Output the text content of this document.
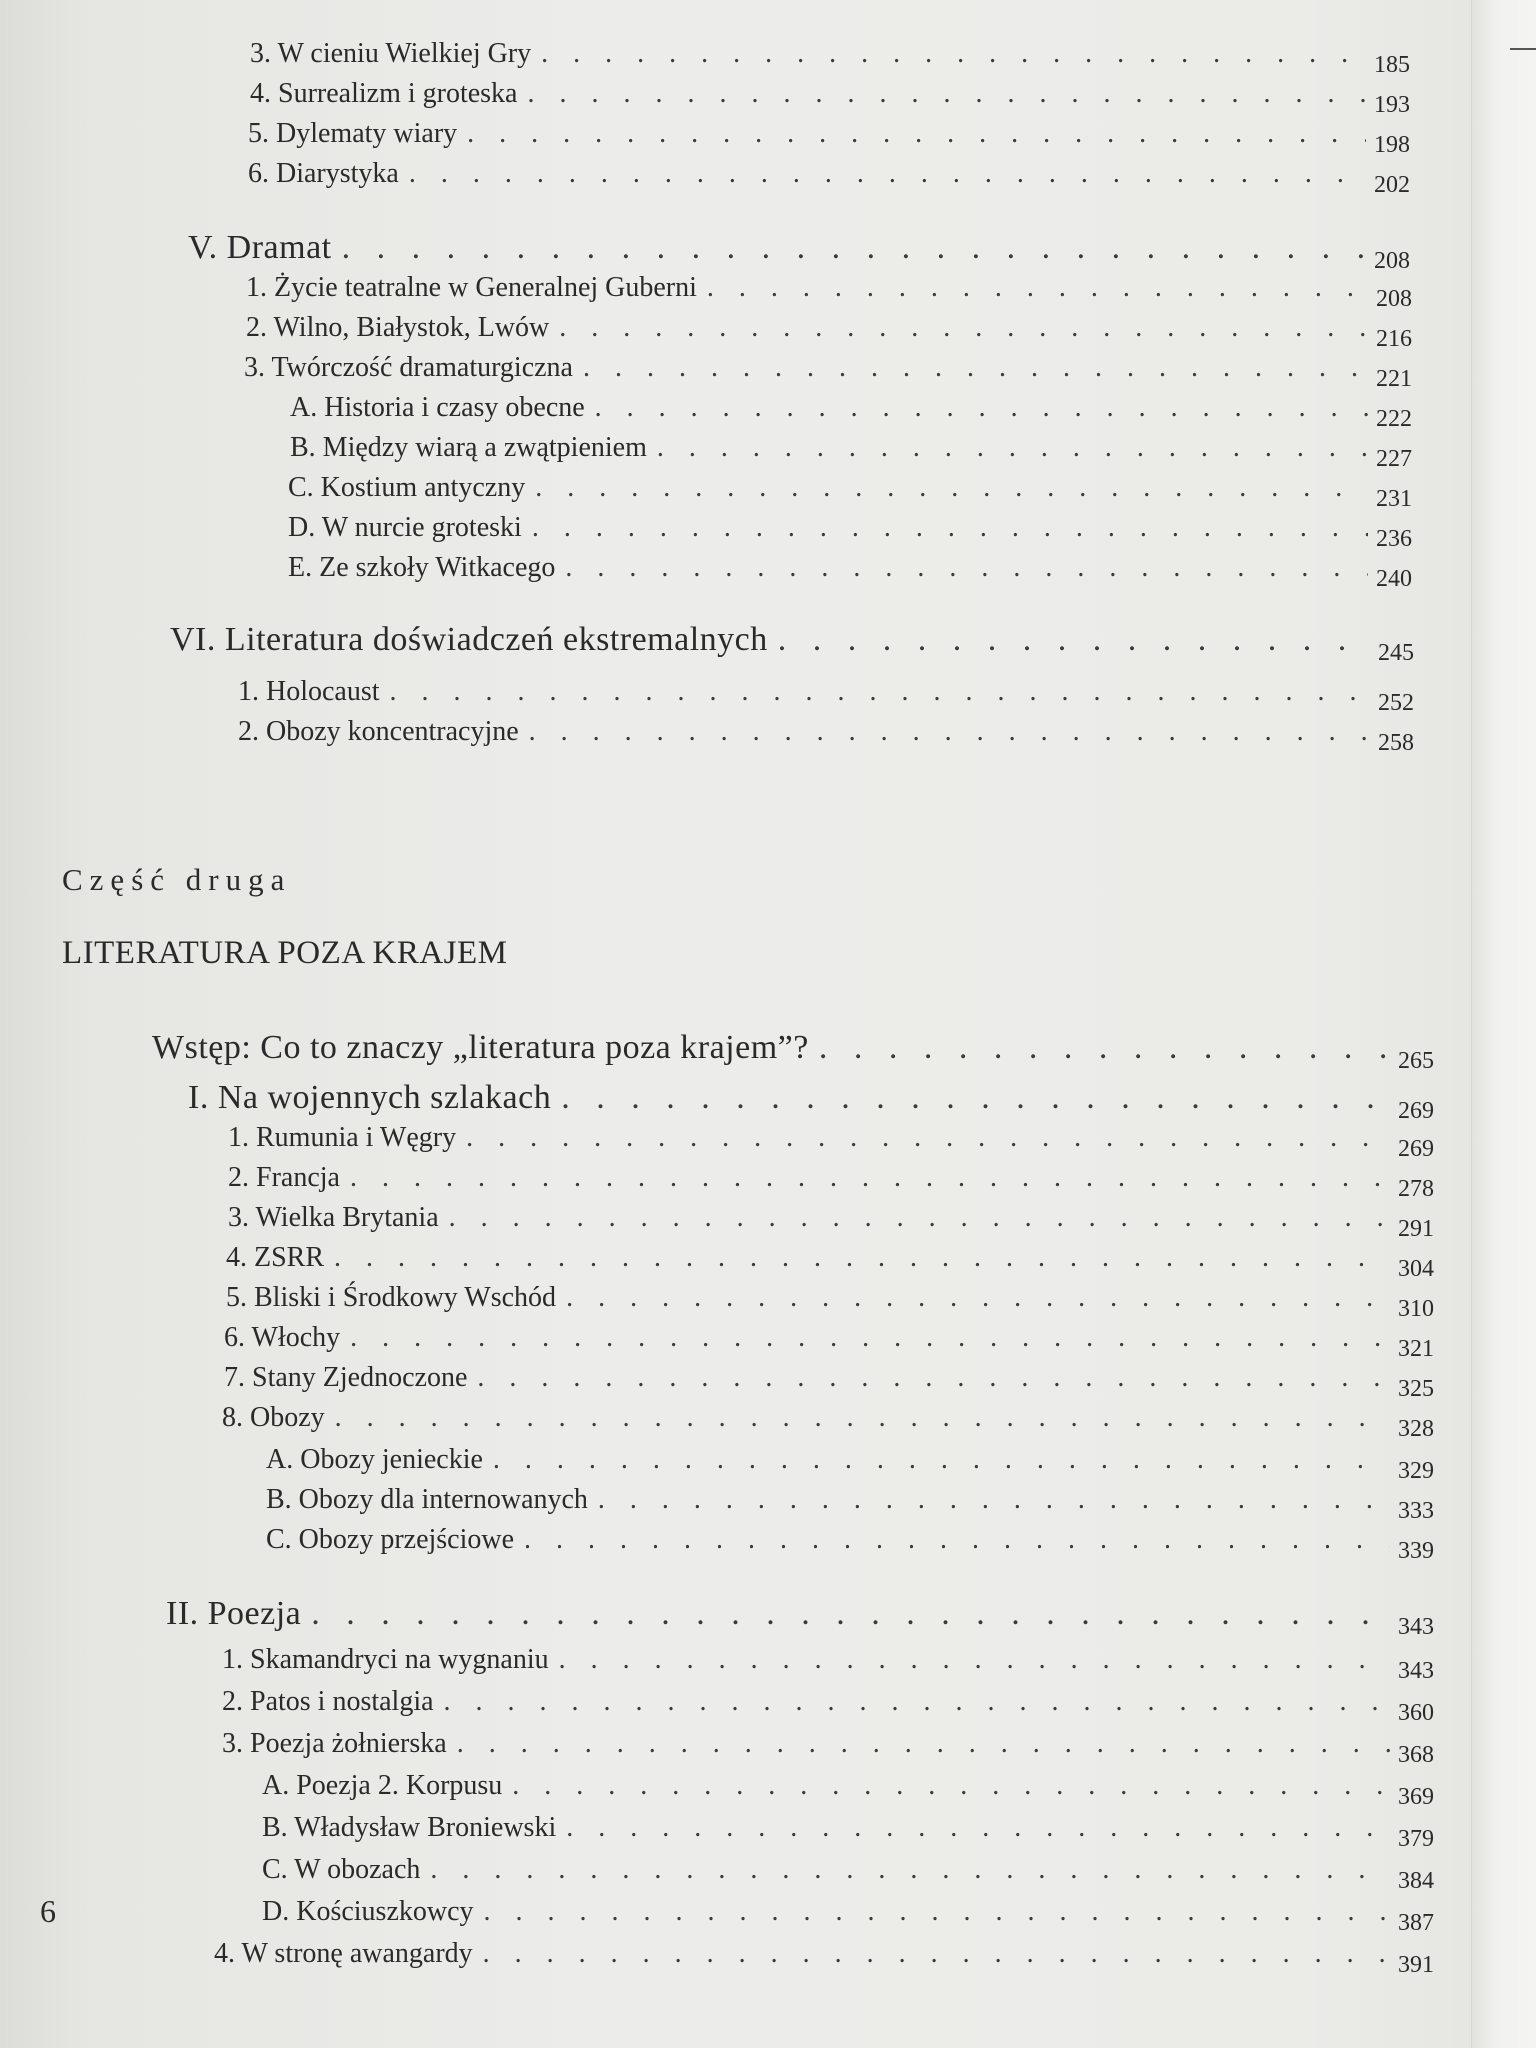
3. W cieniu Wielkiej Gry . . .	185
4. Surrealizm i groteska . . .	193
5. Dylematy wiary . . .	198
6. Diarystyka . . .	202
V. Dramat . . .	208
1. Życie teatralne w Generalnej Guberni . . .	208
2. Wilno, Białystok, Lwów . . .	216
3. Twórczość dramaturgiczna . . .	221
A. Historia i czasy obecne . . .	222
B. Między wiarą a zwątpieniem . . .	227
C. Kostium antyczny . . .	231
D. W nurcie groteski . . .	236
E. Ze szkoły Witkacego . . .	240
VI. Literatura doświadczeń ekstremalnych . . .	245
1. Holocaust . . .	252
2. Obozy koncentracyjne . . .	258
Część druga
LITERATURA POZA KRAJEM
Wstęp: Co to znaczy „literatura poza krajem”? . . .	265
I. Na wojennych szlakach . . .	269
1. Rumunia i Węgry . . .	269
2. Francja . . .	278
3. Wielka Brytania . . .	291
4. ZSRR . . .	304
5. Bliski i Środkowy Wschód . . .	310
6. Włochy . . .	321
7. Stany Zjednoczone . . .	325
8. Obozy . . .	328
A. Obozy jenieckie . . .	329
B. Obozy dla internowanych . . .	333
C. Obozy przejściowe . . .	339
II. Poezja . . .	343
1. Skamandryci na wygnaniu . . .	343
2. Patos i nostalgia . . .	360
3. Poezja żołnierska . . .	368
A. Poezja 2. Korpusu . . .	369
B. Władysław Broniewski . . .	379
C. W obozach . . .	384
D. Kościuszkowcy . . .	387
4. W stronę awangardy . . .	391
6
